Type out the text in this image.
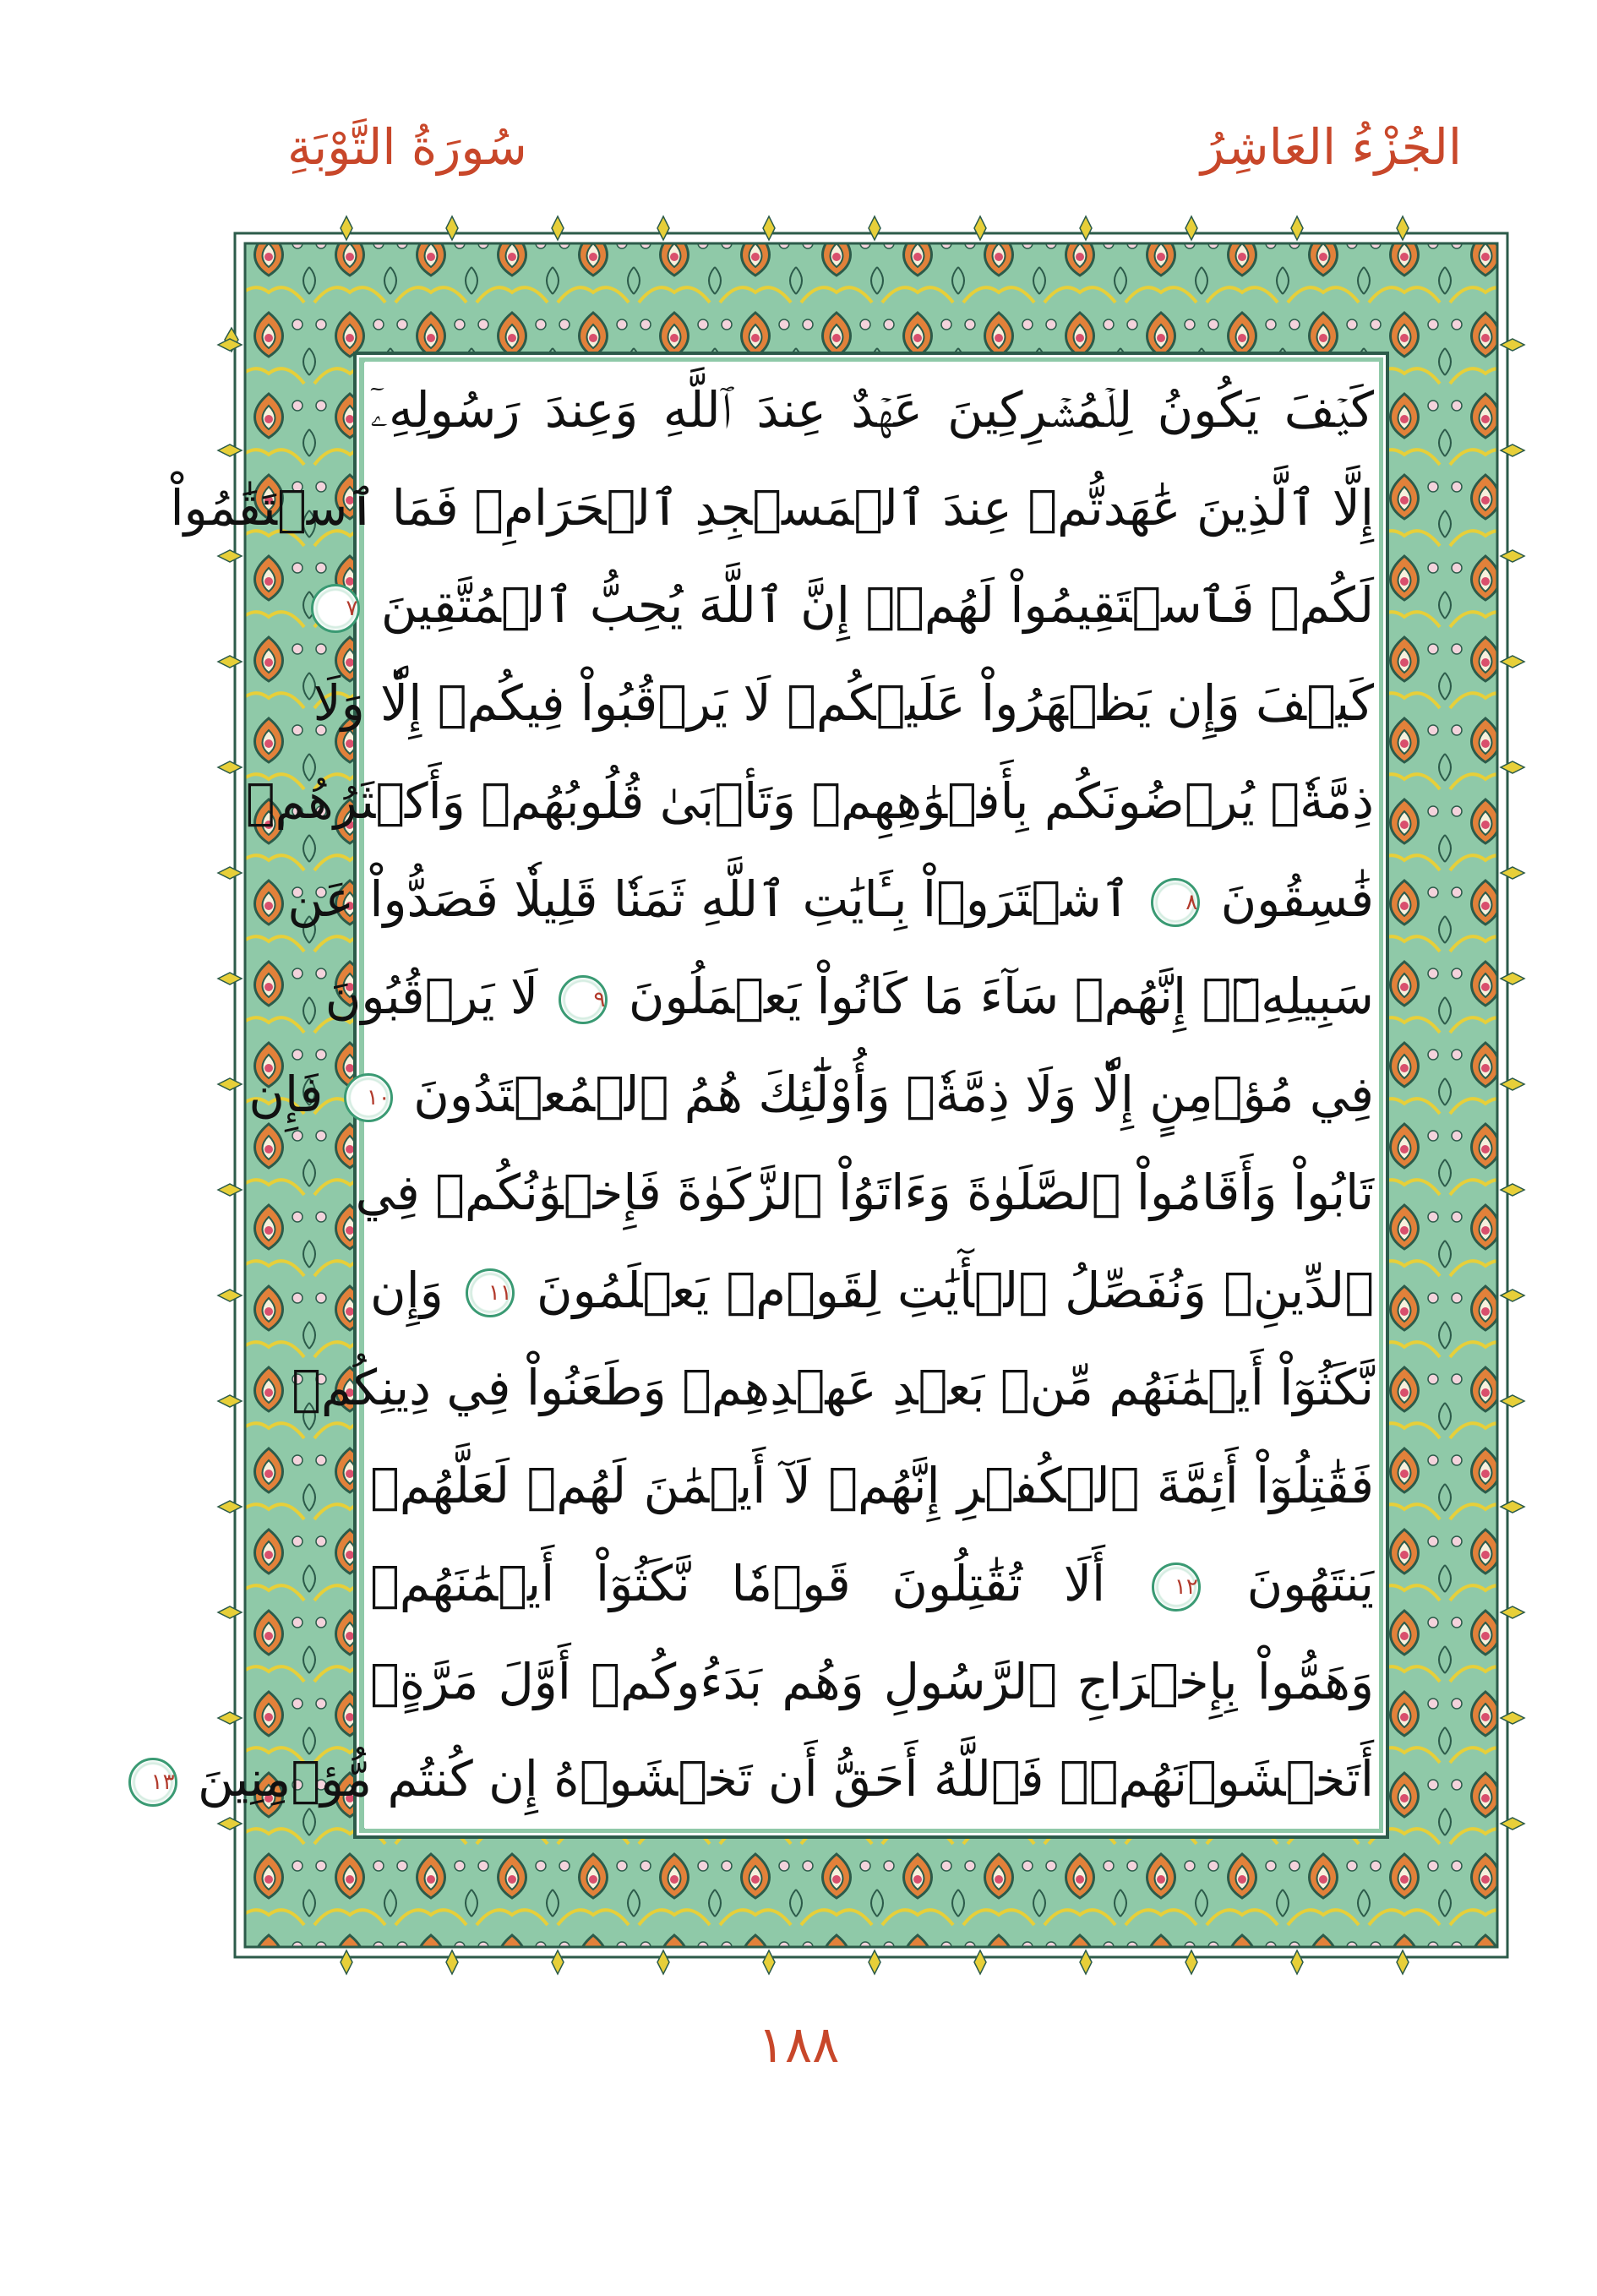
الجُزْءُ العَاشِرُ
سُورَةُ التَّوْبَةِ
كَيۡفَ يَكُونُ لِلۡمُشۡرِكِينَ عَهۡدٌ عِندَ ٱللَّهِ وَعِندَ رَسُولِهِۦٓ
إِلَّا ٱلَّذِينَ عَٰهَدتُّمۡ عِندَ ٱلۡمَسۡجِدِ ٱلۡحَرَامِۖ فَمَا ٱسۡتَقَٰمُواْ
لَكُمۡ فَٱسۡتَقِيمُواْ لَهُمۡۚ إِنَّ ٱللَّهَ يُحِبُّ ٱلۡمُتَّقِينَ ٧
كَيۡفَ وَإِن يَظۡهَرُواْ عَلَيۡكُمۡ لَا يَرۡقُبُواْ فِيكُمۡ إِلّٗا وَلَا
ذِمَّةٗۚ يُرۡضُونَكُم بِأَفۡوَٰهِهِمۡ وَتَأۡبَىٰ قُلُوبُهُمۡ وَأَكۡثَرُهُمۡ
فَٰسِقُونَ ٨ ٱشۡتَرَوۡاْ بِـَٔايَٰتِ ٱللَّهِ ثَمَنٗا قَلِيلٗا فَصَدُّواْ عَن
سَبِيلِهِۦٓۚ إِنَّهُمۡ سَآءَ مَا كَانُواْ يَعۡمَلُونَ ٩ لَا يَرۡقُبُونَ
فِي مُؤۡمِنٍ إِلّٗا وَلَا ذِمَّةٗۚ وَأُوْلَٰٓئِكَ هُمُ ٱلۡمُعۡتَدُونَ ١٠ فَإِن
تَابُواْ وَأَقَامُواْ ٱلصَّلَوٰةَ وَءَاتَوُاْ ٱلزَّكَوٰةَ فَإِخۡوَٰنُكُمۡ فِي
ٱلدِّينِۗ وَنُفَصِّلُ ٱلۡأٓيَٰتِ لِقَوۡمٖ يَعۡلَمُونَ ١١ وَإِن
نَّكَثُوٓاْ أَيۡمَٰنَهُم مِّنۢ بَعۡدِ عَهۡدِهِمۡ وَطَعَنُواْ فِي دِينِكُمۡ
فَقَٰتِلُوٓاْ أَئِمَّةَ ٱلۡكُفۡرِ إِنَّهُمۡ لَآ أَيۡمَٰنَ لَهُمۡ لَعَلَّهُمۡ
يَنتَهُونَ ١٢ أَلَا تُقَٰتِلُونَ قَوۡمٗا نَّكَثُوٓاْ أَيۡمَٰنَهُمۡ
وَهَمُّواْ بِإِخۡرَاجِ ٱلرَّسُولِ وَهُم بَدَءُوكُمۡ أَوَّلَ مَرَّةٍۚ
أَتَخۡشَوۡنَهُمۡۚ فَٱللَّهُ أَحَقُّ أَن تَخۡشَوۡهُ إِن كُنتُم مُّؤۡمِنِينَ ١٣
١٨٨
